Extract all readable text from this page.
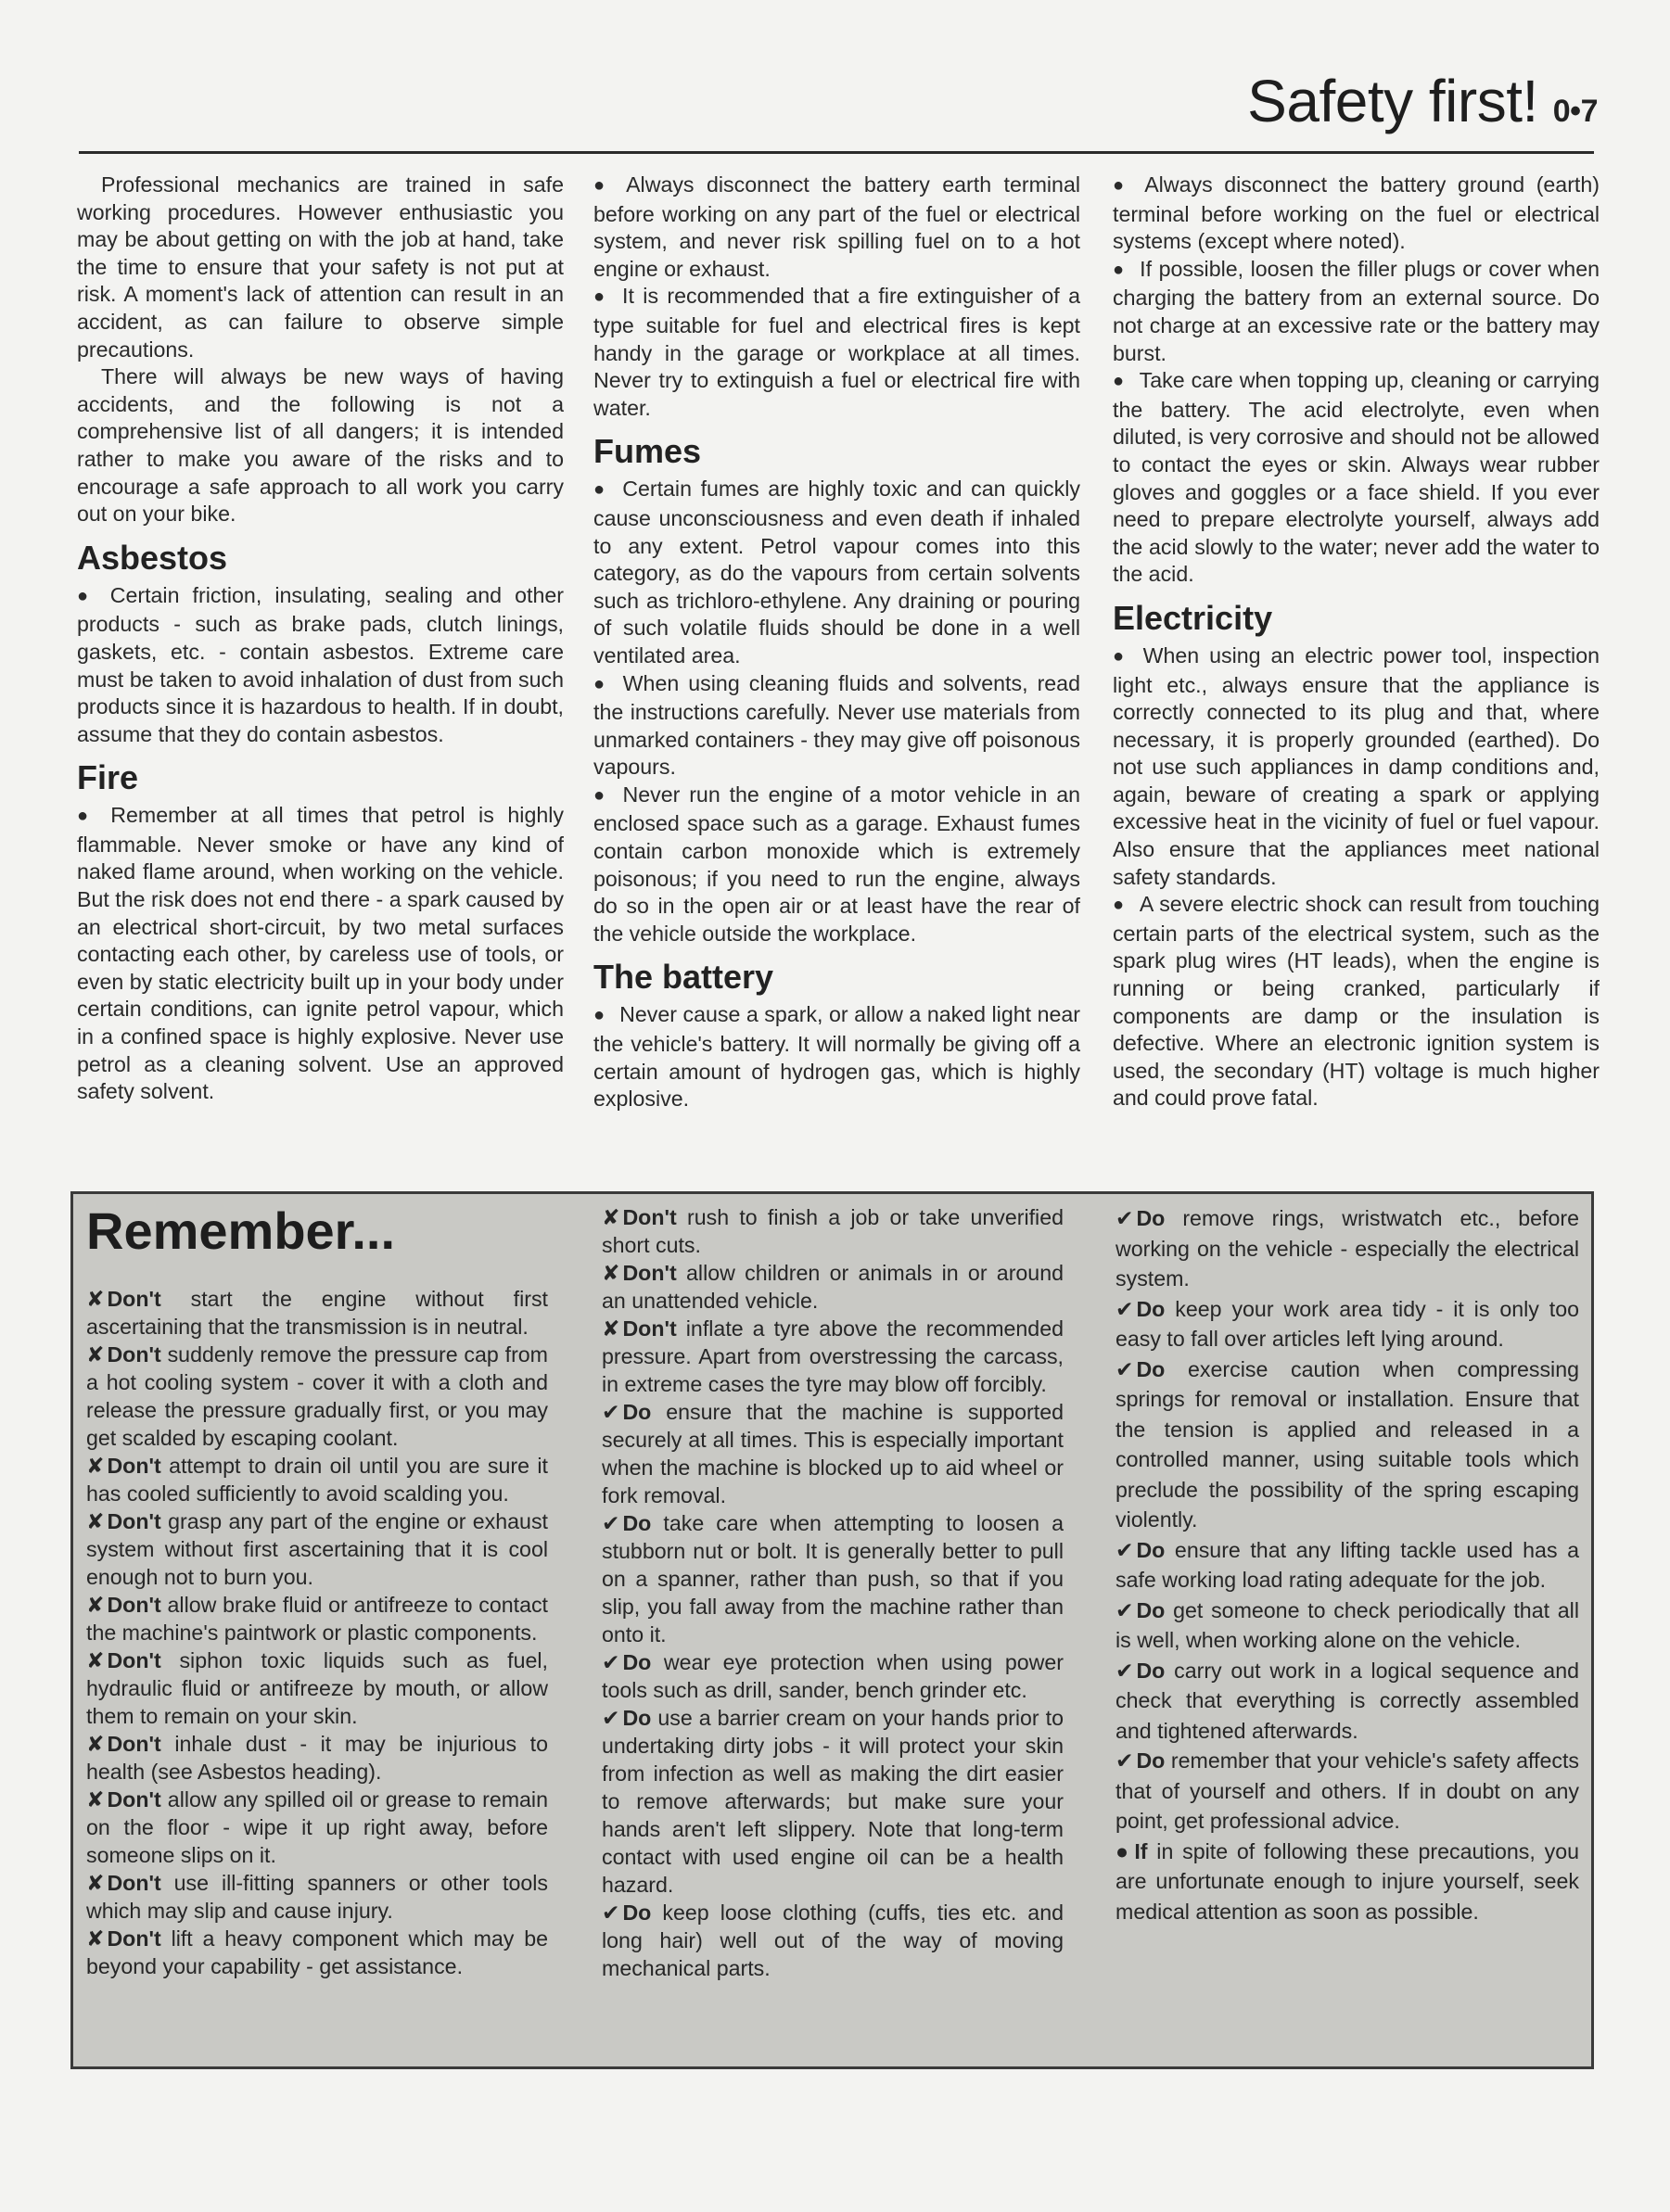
Safety first! 0•7

Professional mechanics are trained in safe working procedures. However enthusiastic you may be about getting on with the job at hand, take the time to ensure that your safety is not put at risk. A moment's lack of attention can result in an accident, as can failure to observe simple precautions.

There will always be new ways of having accidents, and the following is not a comprehensive list of all dangers; it is intended rather to make you aware of the risks and to encourage a safe approach to all work you carry out on your bike.

Asbestos

● Certain friction, insulating, sealing and other products - such as brake pads, clutch linings, gaskets, etc. - contain asbestos. Extreme care must be taken to avoid inhalation of dust from such products since it is hazardous to health. If in doubt, assume that they do contain asbestos.

Fire

● Remember at all times that petrol is highly flammable. Never smoke or have any kind of naked flame around, when working on the vehicle. But the risk does not end there - a spark caused by an electrical short-circuit, by two metal surfaces contacting each other, by careless use of tools, or even by static electricity built up in your body under certain conditions, can ignite petrol vapour, which in a confined space is highly explosive. Never use petrol as a cleaning solvent. Use an approved safety solvent.

● Always disconnect the battery earth terminal before working on any part of the fuel or electrical system, and never risk spilling fuel on to a hot engine or exhaust.

● It is recommended that a fire extinguisher of a type suitable for fuel and electrical fires is kept handy in the garage or workplace at all times. Never try to extinguish a fuel or electrical fire with water.

Fumes

● Certain fumes are highly toxic and can quickly cause unconsciousness and even death if inhaled to any extent. Petrol vapour comes into this category, as do the vapours from certain solvents such as trichloro-ethylene. Any draining or pouring of such volatile fluids should be done in a well ventilated area.

● When using cleaning fluids and solvents, read the instructions carefully. Never use materials from unmarked containers - they may give off poisonous vapours.

● Never run the engine of a motor vehicle in an enclosed space such as a garage. Exhaust fumes contain carbon monoxide which is extremely poisonous; if you need to run the engine, always do so in the open air or at least have the rear of the vehicle outside the workplace.

The battery

● Never cause a spark, or allow a naked light near the vehicle's battery. It will normally be giving off a certain amount of hydrogen gas, which is highly explosive.

● Always disconnect the battery ground (earth) terminal before working on the fuel or electrical systems (except where noted).

● If possible, loosen the filler plugs or cover when charging the battery from an external source. Do not charge at an excessive rate or the battery may burst.

● Take care when topping up, cleaning or carrying the battery. The acid electrolyte, even when diluted, is very corrosive and should not be allowed to contact the eyes or skin. Always wear rubber gloves and goggles or a face shield. If you ever need to prepare electrolyte yourself, always add the acid slowly to the water; never add the water to the acid.

Electricity

● When using an electric power tool, inspection light etc., always ensure that the appliance is correctly connected to its plug and that, where necessary, it is properly grounded (earthed). Do not use such appliances in damp conditions and, again, beware of creating a spark or applying excessive heat in the vicinity of fuel or fuel vapour. Also ensure that the appliances meet national safety standards.

● A severe electric shock can result from touching certain parts of the electrical system, such as the spark plug wires (HT leads), when the engine is running or being cranked, particularly if components are damp or the insulation is defective. Where an electronic ignition system is used, the secondary (HT) voltage is much higher and could prove fatal.

Remember...

✘ Don't start the engine without first ascertaining that the transmission is in neutral.

✘ Don't suddenly remove the pressure cap from a hot cooling system - cover it with a cloth and release the pressure gradually first, or you may get scalded by escaping coolant.

✘ Don't attempt to drain oil until you are sure it has cooled sufficiently to avoid scalding you.

✘ Don't grasp any part of the engine or exhaust system without first ascertaining that it is cool enough not to burn you.

✘ Don't allow brake fluid or antifreeze to contact the machine's paintwork or plastic components.

✘ Don't siphon toxic liquids such as fuel, hydraulic fluid or antifreeze by mouth, or allow them to remain on your skin.

✘ Don't inhale dust - it may be injurious to health (see Asbestos heading).

✘ Don't allow any spilled oil or grease to remain on the floor - wipe it up right away, before someone slips on it.

✘ Don't use ill-fitting spanners or other tools which may slip and cause injury.

✘ Don't lift a heavy component which may be beyond your capability - get assistance.

✘ Don't rush to finish a job or take unverified short cuts.

✘ Don't allow children or animals in or around an unattended vehicle.

✘ Don't inflate a tyre above the recommended pressure. Apart from overstressing the carcass, in extreme cases the tyre may blow off forcibly.

✔ Do ensure that the machine is supported securely at all times. This is especially important when the machine is blocked up to aid wheel or fork removal.

✔ Do take care when attempting to loosen a stubborn nut or bolt. It is generally better to pull on a spanner, rather than push, so that if you slip, you fall away from the machine rather than onto it.

✔ Do wear eye protection when using power tools such as drill, sander, bench grinder etc.

✔ Do use a barrier cream on your hands prior to undertaking dirty jobs - it will protect your skin from infection as well as making the dirt easier to remove afterwards; but make sure your hands aren't left slippery. Note that long-term contact with used engine oil can be a health hazard.

✔ Do keep loose clothing (cuffs, ties etc. and long hair) well out of the way of moving mechanical parts.

✔ Do remove rings, wristwatch etc., before working on the vehicle - especially the electrical system.

✔ Do keep your work area tidy - it is only too easy to fall over articles left lying around.

✔ Do exercise caution when compressing springs for removal or installation. Ensure that the tension is applied and released in a controlled manner, using suitable tools which preclude the possibility of the spring escaping violently.

✔ Do ensure that any lifting tackle used has a safe working load rating adequate for the job.

✔ Do get someone to check periodically that all is well, when working alone on the vehicle.

✔ Do carry out work in a logical sequence and check that everything is correctly assembled and tightened afterwards.

✔ Do remember that your vehicle's safety affects that of yourself and others. If in doubt on any point, get professional advice.

● If in spite of following these precautions, you are unfortunate enough to injure yourself, seek medical attention as soon as possible.
